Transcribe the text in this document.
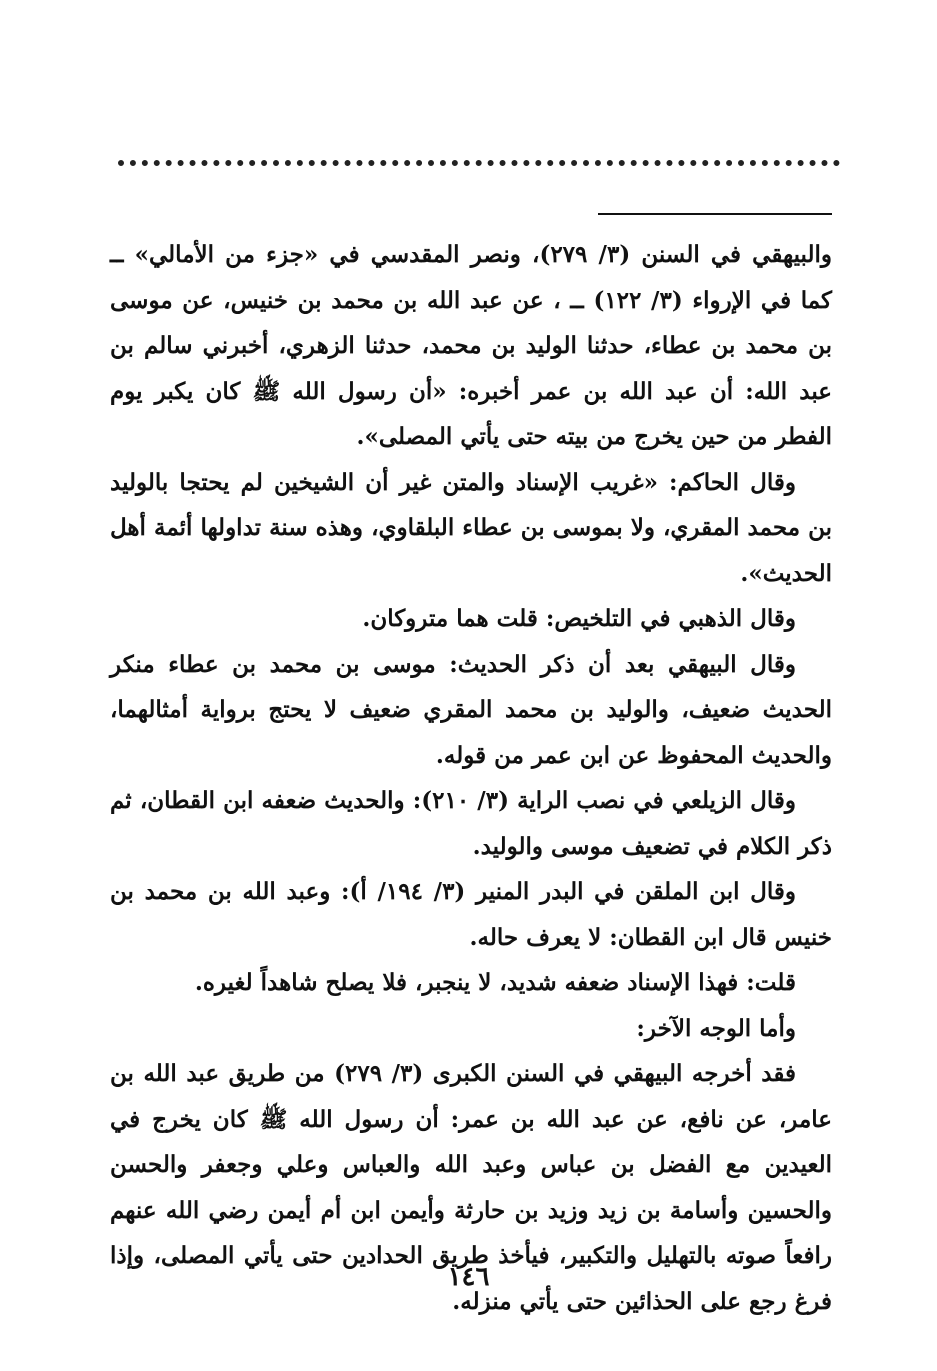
والبيهقي في السنن (٣/ ٢٧٩)، ونصر المقدسي في «جزء من الأمالي» ــ كما في الإرواء (٣/ ١٢٢) ــ ، عن عبد الله بن محمد بن خنيس، عن موسى بن محمد بن عطاء، حدثنا الوليد بن محمد، حدثنا الزهري، أخبرني سالم بن عبد الله: أن عبد الله بن عمر أخبره: «أن رسول الله ﷺ كان يكبر يوم الفطر من حين يخرج من بيته حتى يأتي المصلى».

وقال الحاكم: «غريب الإسناد والمتن غير أن الشيخين لم يحتجا بالوليد بن محمد المقري، ولا بموسى بن عطاء البلقاوي، وهذه سنة تداولها أئمة أهل الحديث».

وقال الذهبي في التلخيص: قلت هما متروكان.

وقال البيهقي بعد أن ذكر الحديث: موسى بن محمد بن عطاء منكر الحديث ضعيف، والوليد بن محمد المقري ضعيف لا يحتج برواية أمثالهما، والحديث المحفوظ عن ابن عمر من قوله.

وقال الزيلعي في نصب الراية (٣/ ٢١٠): والحديث ضعفه ابن القطان، ثم ذكر الكلام في تضعيف موسى والوليد.

وقال ابن الملقن في البدر المنير (٣/ ١٩٤/ أ): وعبد الله بن محمد بن خنيس قال ابن القطان: لا يعرف حاله.

قلت: فهذا الإسناد ضعفه شديد، لا ينجبر، فلا يصلح شاهداً لغيره.

وأما الوجه الآخر:

فقد أخرجه البيهقي في السنن الكبرى (٣/ ٢٧٩) من طريق عبد الله بن عامر، عن نافع، عن عبد الله بن عمر: أن رسول الله ﷺ كان يخرج في العيدين مع الفضل بن عباس وعبد الله والعباس وعلي وجعفر والحسن والحسين وأسامة بن زيد وزيد بن حارثة وأيمن ابن أم أيمن رضي الله عنهم رافعاً صوته بالتهليل والتكبير، فيأخذ طريق الحدادين حتى يأتي المصلى، وإذا فرغ رجع على الحذائين حتى يأتي منزله.

١٤٦
